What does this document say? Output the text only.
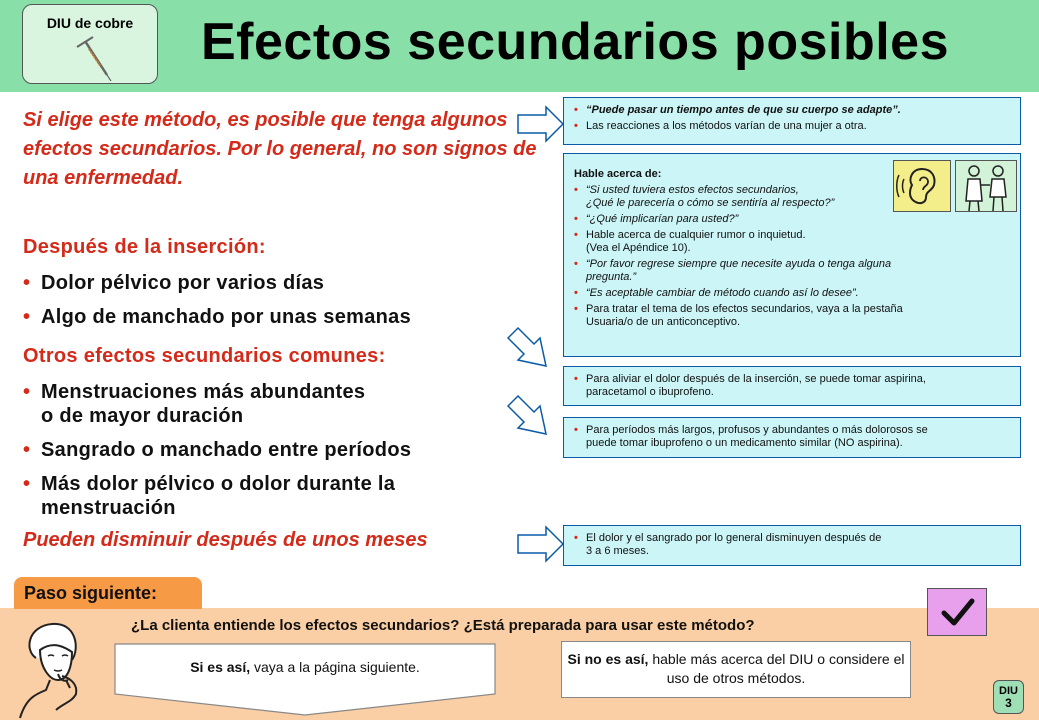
DIU de cobre	Efectos secundarios posibles
Si elige este método, es posible que tenga algunos efectos secundarios. Por lo general, no son signos de una enfermedad.
Después de la inserción:
• Dolor pélvico por varios días
• Algo de manchado por unas semanas
Otros efectos secundarios comunes:
• Menstruaciones más abundantes
o de mayor duración
• Sangrado o manchado entre períodos
• Más dolor pélvico o dolor durante la
menstruación
Pueden disminuir después de unos meses
• “Puede pasar un tiempo antes de que su cuerpo se adapte”.
• Las reacciones a los métodos varían de una mujer a otra.
Hable acerca de:
• “Si usted tuviera estos efectos secundarios,
¿Qué le parecería o cómo se sentiría al respecto?”
• “¿Qué implicarían para usted?”
• Hable acerca de cualquier rumor o inquietud.
(Vea el Apéndice 10).
• “Por favor regrese siempre que necesite ayuda o tenga alguna
pregunta.”
• “Es aceptable cambiar de método cuando así lo desee”.
• Para tratar el tema de los efectos secundarios, vaya a la pestaña
Usuaria/o de un anticonceptivo.
• Para aliviar el dolor después de la inserción, se puede tomar aspirina,
paracetamol o ibuprofeno.
• Para períodos más largos, profusos y abundantes o más dolorosos se
puede tomar ibuprofeno o un medicamento similar (NO aspirina).
• El dolor y el sangrado por lo general disminuyen después de
3 a 6 meses.
Paso siguiente:
¿La clienta entiende los efectos secundarios? ¿Está preparada para usar este método?
Si es así, vaya a la página siguiente.	Si no es así, hable más acerca del DIU o considere el uso de otros métodos.
DIU
3
